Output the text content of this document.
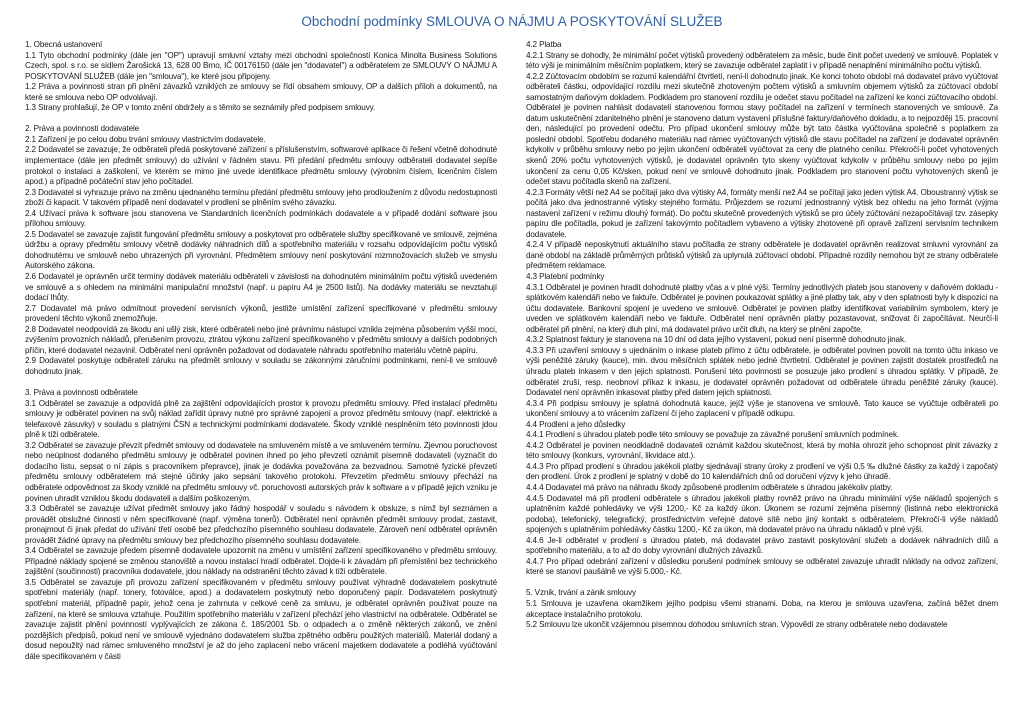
Obchodní podmínky SMLOUVA O NÁJMU A POSKYTOVÁNÍ SLUŽEB
1. Obecná ustanovení

1.1 Tyto obchodní podmínky (dále jen "OP") upravují smluvní vztahy mezi obchodní společností Konica Minolta Business Solutions Czech, spol. s r.o. se sídlem Žarošická 13, 628 00 Brno, IČ 00176150 (dále jen "dodavatel") a odběratelem ze SMLOUVY O NÁJMU A POSKYTOVÁNÍ SLUŽEB (dále jen "smlouva"), ke které jsou připojeny.

1.2 Práva a povinnosti stran při plnění závazků vzniklých ze smlouvy se řídí obsahem smlouvy, OP a dalších příloh a dokumentů, na které se smlouva nebo OP odvolávají.

1.3 Strany prohlašují, že OP v tomto znění obdržely a s těmito se seznámily před podpisem smlouvy.

2. Práva a povinnosti dodavatele

2.1 Zařízení je po celou dobu trvání smlouvy vlastnictvím dodavatele.

2.2 Dodavatel se zavazuje, že odběrateli předá poskytované zařízení s příslušenstvím, softwarové aplikace či řešení včetně dohodnuté implementace (dále jen předmět smlouvy) do užívání v řádném stavu. Při předání předmětu smlouvy odběrateli dodavatel sepíše protokol o instalaci a zaškolení, ve kterém se mimo jiné uvede identifikace předmětu smlouvy (výrobním číslem, licenčním číslem apod.) a případně počáteční stav jeho počítadel.

2.3 Dodavatel si vyhrazuje právo na změnu ujednaného termínu předání předmětu smlouvy jeho prodloužením z důvodu nedostupnosti zboží či kapacit. V takovém případě není dodavatel v prodlení se plněním svého závazku.

2.4 Užívací práva k software jsou stanovena ve Standardních licenčních podmínkách dodavatele a v případě dodání software jsou přílohou smlouvy.

2.5 Dodavatel se zavazuje zajistit fungování předmětu smlouvy a poskytovat pro odběratele služby specifikované ve smlouvě, zejména údržbu a opravy předmětu smlouvy včetně dodávky náhradních dílů a spotřebního materiálu v rozsahu odpovídajícím počtu výtisků dohodnutému ve smlouvě nebo uhrazených při vyrovnání. Předmětem smlouvy není poskytování rozmnožovacích služeb ve smyslu Autorského zákona.

2.6 Dodavatel je oprávněn určit termíny dodávek materiálu odběrateli v závislosti na dohodnutém minimálním počtu výtisků uvedeném ve smlouvě a s ohledem na minimální manipulační množství (např. u papíru A4 je 2500 listů). Na dodávky materiálu se nevztahují dodací lhůty.

2.7 Dodavatel má právo odmítnout provedení servisních výkonů, jestliže umístění zařízení specifikované v předmětu smlouvy provedení těchto výkonů znemožňuje.

2.8 Dodavatel neodpovídá za škodu ani ušlý zisk, které odběrateli nebo jiné právnímu nástupci vznikla zejména působením vyšší moci, zvýšením provozních nákladů, přerušením provozu, ztrátou výkonu zařízení specifikovaného v předmětu smlouvy a dalších podobných příčin, které dodavatel nezavinil. Odběratel není oprávněn požadovat od dodavatele náhradu spotřebního materiálu včetně papíru.

2.9 Dodavatel poskytuje odběrateli záruku na předmět smlouvy v souladu se zákonnými záručními podmínkami, není-li ve smlouvě dohodnuto jinak.

3. Práva a povinnosti odběratele

3.1 Odběratel se zavazuje a odpovídá plně za zajištění odpovídajících prostor k provozu předmětu smlouvy. Před instalací předmětu smlouvy je odběratel povinen na svůj náklad zařídit úpravy nutné pro správné zapojení a provoz předmětu smlouvy (např. elektrické a telefaxové zásuvky) v souladu s platnými ČSN a technickými podmínkami dodavatele. Škody vzniklé nesplněním této povinnosti jdou plně k tíži odběratele.

3.2 Odběratel se zavazuje převzít předmět smlouvy od dodavatele na smluveném místě a ve smluveném termínu. Zjevnou poruchovost nebo neúplnost dodaného předmětu smlouvy je odběratel povinen ihned po jeho převzetí oznámit písemně dodavateli (vyznačit do dodacího listu, sepsat o ní zápis s pracovníkem přepravce), jinak je dodávka považována za bezvadnou. Samotné fyzické převzetí předmětu smlouvy odběratelem má stejné účinky jako sepsání takového protokolu. Převzetím předmětu smlouvy přechází na odběratele odpovědnost za škody vzniklé na předmětu smlouvy vč. poruchovosti autorských práv k software a v případě jejich vzniku je povinen uhradit vzniklou škodu dodavateli a dalším poškozeným.

3.3 Odběratel se zavazuje užívat předmět smlouvy jako řádný hospodář v souladu s návodem k obsluze, s nímž byl seznámen a provádět obslužné činnosti v něm specifikované (např. výměna tonerů). Odběratel není oprávněn předmět smlouvy prodat, zastavit, pronajmout či jinak předat do užívání třetí osobě bez předchozího písemného souhlasu dodavatele. Zároveň není odběratel oprávněn provádět žádné úpravy na předmětu smlouvy bez předchozího písemného souhlasu dodavatele.

3.4 Odběratel se zavazuje předem písemně dodavatele upozornit na změnu v umístění zařízení specifikovaného v předmětu smlouvy. Případné náklady spojené se změnou stanoviště a novou instalací hradí odběratel. Dojde-li k závadám při přemístění bez technického zajištění (součinnosti) pracovníka dodavatele, jdou náklady na odstranění těchto závad k tíži odběratele.

3.5 Odběratel se zavazuje při provozu zařízení specifikovaném v předmětu smlouvy používat výhradně dodavatelem poskytnuté spotřební materiály (např. tonery, fotoválce, apod.) a dodavatelem poskytnutý nebo doporučený papír. Dodavatelem poskytnutý spotřební materiál, případně papír, jehož cena je zahrnuta v celkové ceně za smluvu, je odběratel oprávněn používat pouze na zařízení, na které se smlouva vztahuje. Použitím spotřebního materiálu v zařízení přechází jeho vlastnictví na odběratele. Odběratel se zavazuje zajistit plnění povinností vyplývajících ze zákona č. 185/2001 Sb. o odpadech a o změně některých zákonů, ve znění pozdějších předpisů, pokud není ve smlouvě vyjednáno dodavatelem služba zpětného odběru použitých materiálů. Materiál dodaný a dosud nepoužitý nad rámec smluveného množství je až do jeho zaplacení nebo vrácení majetkem dodavatele a podléhá vyúčtování dále specifikovaném v části

4.2 Platba

4.2.1 Strany se dohodly, že minimální počet výtisků provedený odběratelem za měsíc, bude činit počet uvedený ve smlouvě. Poplatek v této výši je minimálním měsíčním poplatkem, který se zavazuje odběratel zaplatit i v případě nenaplnění minimálního počtu výtisků.

4.2.2 Zúčtovacím obdobím se rozumí kalendářní čtvrtletí, není-li dohodnuto jinak. Ke konci tohoto období má dodavatel právo vyúčtovat odběrateli částku, odpovídající rozdílu mezi skutečně zhotoveným počtem výtisků a smluvním objemem výtisků za zúčtovací období samostatným daňovým dokladem. Podkladem pro stanovení rozdílu je odečet stavu počítadel na zařízení ke konci zúčtovacího období. Odběratel je povinen nahlásit dodavateli stanovenou formou stavy počítadel na zařízení v termínech stanovených ve smlouvě. Za datum uskutečnění zdanitelného plnění je stanoveno datum vystavení příslušné faktury/daňového dokladu, a to nejpozději 15. pracovní den, následující po provedení odečtu. Pro případ ukončení smlouvy může být tato částka vyúčtována společně s poplatkem za poslední období. Spotřebu dodaného materiálu nad rámec vyúčtovaných výtisků dle stavu počítadel na zařízení je dodavatel oprávněn kdykoliv v průběhu smlouvy nebo po jejím ukončení odběrateli vyúčtovat za ceny dle platného ceníku. Překročí-li počet vyhotovených skenů 20% počtu vyhotovených výtisků, je dodavatel oprávněn tyto skeny vyúčtovat kdykoliv v průběhu smlouvy nebo po jejím ukončení za cenu 0,05 Kč/sken, pokud není ve smlouvě dohodnuto jinak. Podkladem pro stanovení počtu vyhotovených skenů je odečet stavu počítadla skenů na zařízení.

4.2.3 Formáty větší než A4 se počítají jako dva výtisky A4, formáty menší než A4 se počítají jako jeden výtisk A4. Oboustranný výtisk se počítá jako dva jednostranné výtisky stejného formátu. Průjezdem se rozumí jednostranný výtisk bez ohledu na jeho formát (výjma nastavení zařízení v režimu dlouhý formát). Do počtu skutečně provedených výtisků se pro účely zúčtování nezapočítávají tzv. zásepky papíru dle počítadla, pokud je zařízení takovýmto počítadlem vybaveno a výtisky zhotovené při opravě zařízení servisním technikem dodavatele.

4.2.4 V případě neposkytnutí aktuálního stavu počítadla ze strany odběratele je dodavatel oprávněn realizovat smluvní vyrovnání za dané období na základě průměrných průtisků výtisků za uplynulá zúčtovací období. Případné rozdíly nemohou být ze strany odběratele předmětem reklamace.

4.3 Platební podmínky

4.3.1 Odběratel je povinen hradit dohodnuté platby včas a v plné výši. Termíny jednotlivých plateb jsou stanoveny v daňovém dokladu - splátkovém kalendáři nebo ve faktuře. Odběratel je povinen poukazovat splátky a jiné platby tak, aby v den splatnosti byly k dispozici na účtu dodavatele. Bankovní spojení je uvedeno ve smlouvě. Odběratel je povinen platby identifikovat variabilním symbolem, který je uveden ve splátkovém kalendáři nebo ve faktuře. Odběratel není oprávněn platby pozastavovat, snižovat či započítávat. Neurčí-li odběratel při plnění, na který dluh plní, má dodavatel právo určit dluh, na který se plnění započte.

4.3.2 Splatnost faktury je stanovena na 10 dní od data jejího vystavení, pokud není písemně dohodnuto jinak.

4.3.3 Při uzavření smlouvy s ujednáním o inkase plateb přímo z účtu odběratele, je odběratel povinen povolit na tomto účtu inkaso ve výši peněžité záruky (kauce), min. dvou měsíčních splátek nebo jedné čtvrtletní. Odběratel je povinen zajistit dostatek prostředků na úhradu plateb inkasem v den jejich splatnosti. Porušení této povinnosti se posuzuje jako prodlení s úhradou splátky. V případě, že odběratel zruší, resp. neobnoví příkaz k inkasu, je dodavatel oprávněn požadovat od odběratele úhradu peněžité záruky (kauce). Dodavatel není oprávněn inkasovat platby před datem jejich splatnosti.

4.3.4 Při podpisu smlouvy je splatná dohodnutá kauce, jejíž výše je stanovena ve smlouvě. Tato kauce se vyúčtuje odběrateli po ukončení smlouvy a to vrácením zařízení či jeho zaplacení v případě odkupu.

4.4 Prodlení a jeho důsledky

4.4.1 Prodlení s úhradou plateb podle této smlouvy se považuje za závažné porušení smluvních podmínek.

4.4.2 Odběratel je povinen neodkladně dodavateli oznámit každou skutečnost, která by mohla ohrozit jeho schopnost plnit závazky z této smlouvy (konkurs, vyrovnání, likvidace atd.).

4.4.3 Pro případ prodlení s úhradou jakékoli platby sjednávají strany úroky z prodlení ve výši 0,5 ‰ dlužné částky za každý i započatý den prodlení. Úrok z prodlení je splatný v době do 10 kalendářních dnů od doručení výzvy k jeho úhradě.

4.4.4 Dodavatel má právo na náhradu škody způsobené prodlením odběratele s úhradou jakékoliv platby.

4.4.5 Dodavatel má při prodlení odběratele s úhradou jakékoli platby rovněž právo na úhradu minimální výše nákladů spojených s uplatněním každé pohledávky ve výši 1200,- Kč za každý úkon. Úkonem se rozumí zejména písemný (listinná nebo elektronická podoba), telefonický, telegrafický, prostřednictvím veřejné datové sítě nebo jiný kontakt s odběratelem. Překročí-li výše nákladů spojených s uplatněním pohledávky částku 1200,- Kč za úkon, má dodavatel právo na úhradu nákladů v plné výši.

4.4.6 Je-li odběratel v prodlení s úhradou plateb, má dodavatel právo zastavit poskytování služeb a dodávek náhradních dílů a spotřebního materiálu, a to až do doby vyrovnání dlužných závazků.

4.4.7 Pro případ odebrání zařízení v důsledku porušení podmínek smlouvy se odběratel zavazuje uhradit náklady na odvoz zařízení, které se stanoví paušálně ve výši 5.000,- Kč.

5. Vznik, trvání a zánik smlouvy

5.1 Smlouva je uzavřena okamžikem jejího podpisu všemi stranami. Doba, na kterou je smlouva uzavřena, začíná běžet dnem akceptace instalačního protokolu.

5.2 Smlouvu lze ukončit vzájemnou písemnou dohodou smluvních stran. Výpovědí ze strany odběratele nebo dodavatele
